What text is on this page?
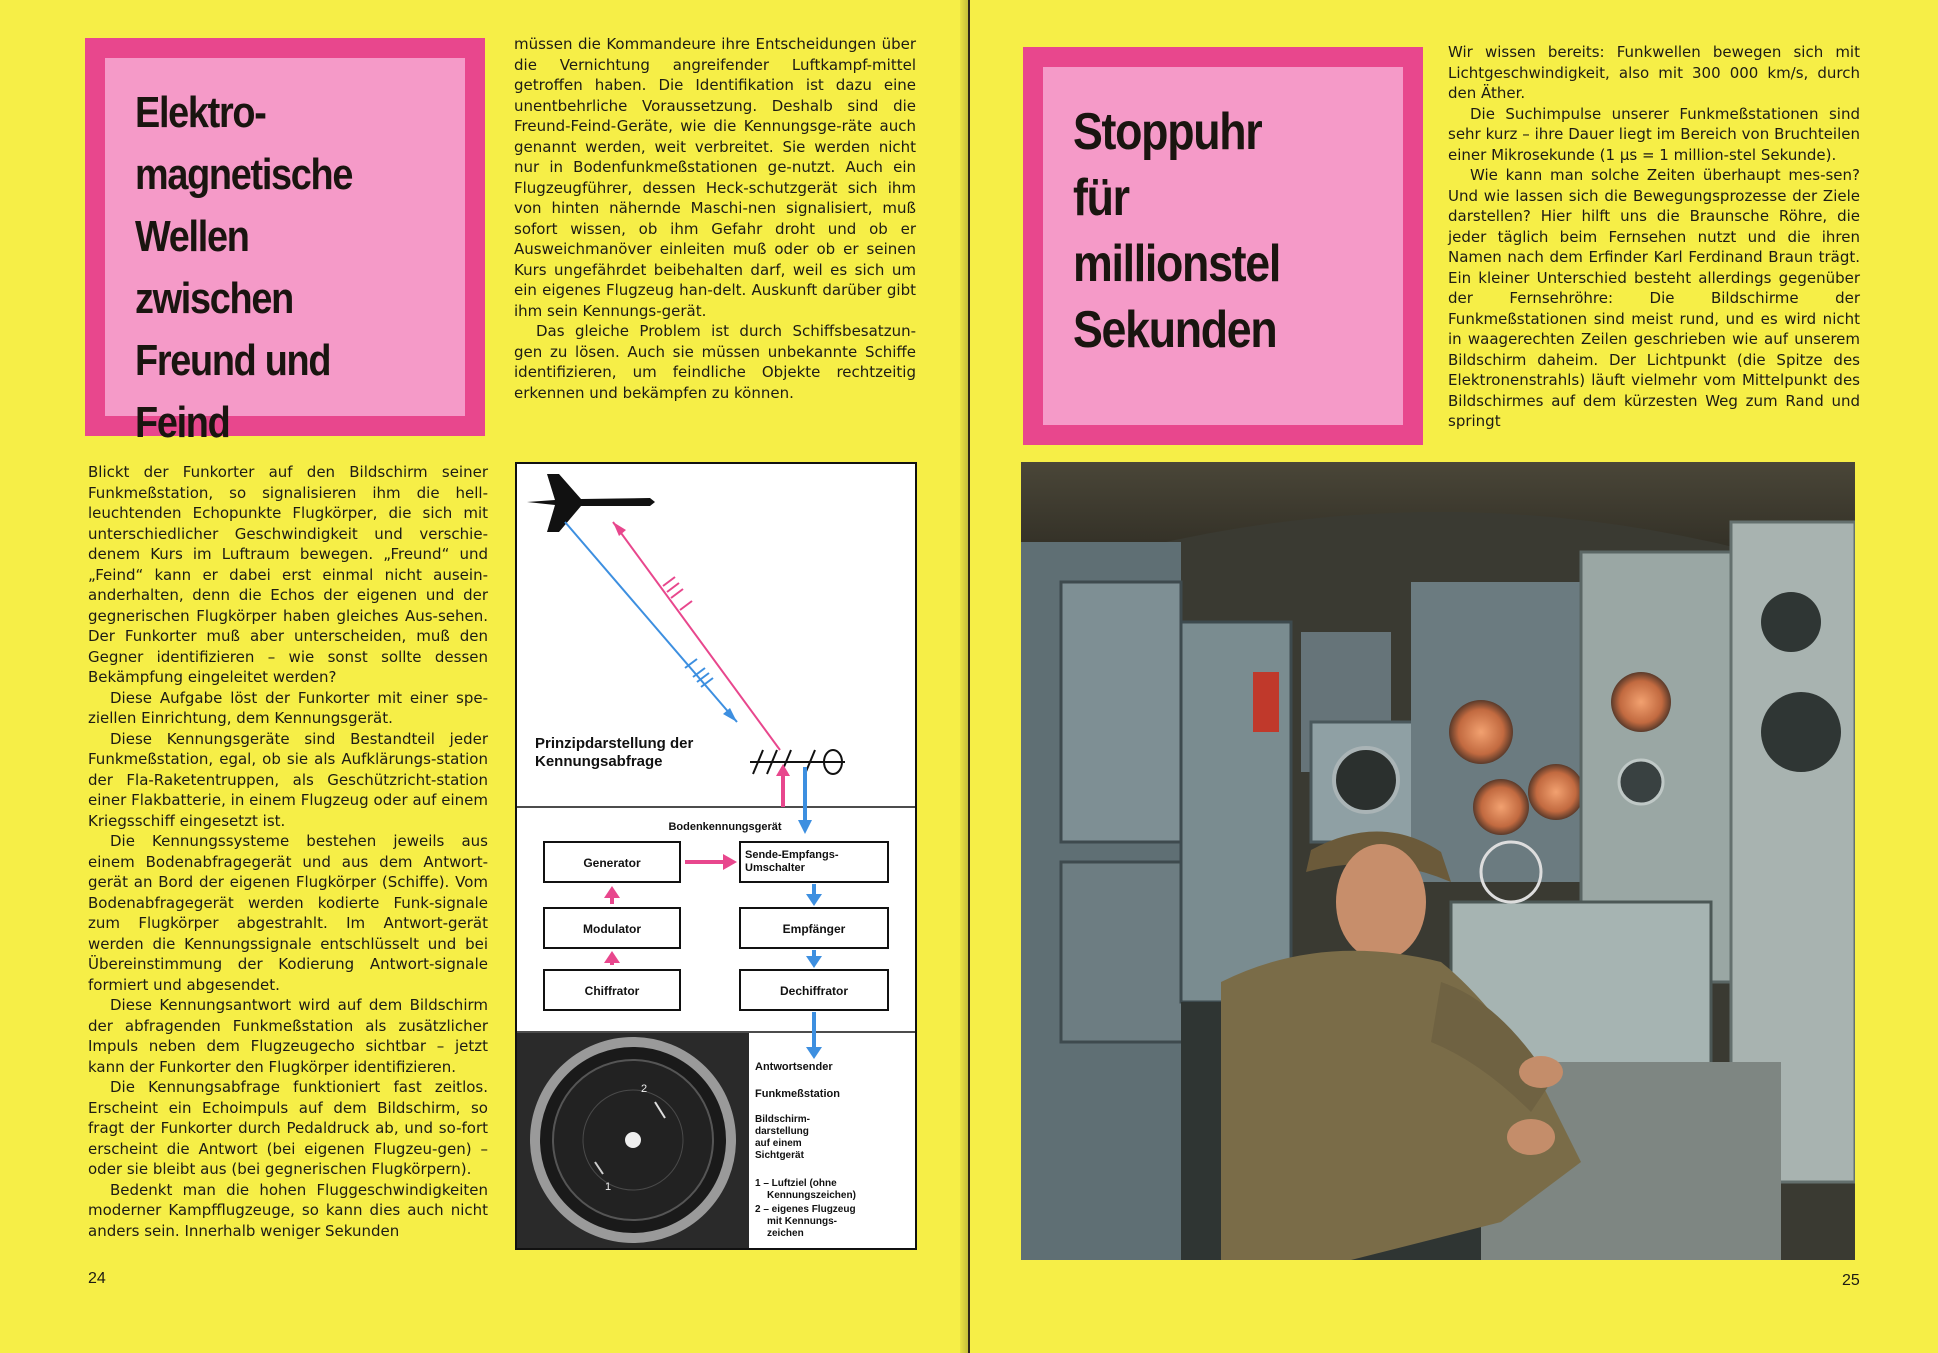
Elektro-
magnetische
Wellen zwischen
Freund und
Feind

Blickt der Funkorter auf den Bildschirm seiner Funkmeßstation, so signalisieren ihm die hell-leuchtenden Echopunkte Flugkörper, die sich mit unterschiedlicher Geschwindigkeit und verschie-denem Kurs im Luftraum bewegen. „Freund“ und „Feind“ kann er dabei erst einmal nicht ausein-anderhalten, denn die Echos der eigenen und der gegnerischen Flugkörper haben gleiches Aus-sehen. Der Funkorter muß aber unterscheiden, muß den Gegner identifizieren – wie sonst sollte dessen Bekämpfung eingeleitet werden?

Diese Aufgabe löst der Funkorter mit einer spe-ziellen Einrichtung, dem Kennungsgerät.

Diese Kennungsgeräte sind Bestandteil jeder Funkmeßstation, egal, ob sie als Aufklärungs-station der Fla-Raketentruppen, als Geschützricht-station einer Flakbatterie, in einem Flugzeug oder auf einem Kriegsschiff eingesetzt ist.

Die Kennungssysteme bestehen jeweils aus einem Bodenabfragegerät und aus dem Antwort-gerät an Bord der eigenen Flugkörper (Schiffe). Vom Bodenabfragegerät werden kodierte Funk-signale zum Flugkörper abgestrahlt. Im Antwort-gerät werden die Kennungssignale entschlüsselt und bei Übereinstimmung der Kodierung Antwort-signale formiert und abgesendet.

Diese Kennungsantwort wird auf dem Bildschirm der abfragenden Funkmeßstation als zusätzlicher Impuls neben dem Flugzeugecho sichtbar – jetzt kann der Funkorter den Flugkörper identifizieren.

Die Kennungsabfrage funktioniert fast zeitlos. Erscheint ein Echoimpuls auf dem Bildschirm, so fragt der Funkorter durch Pedaldruck ab, und so-fort erscheint die Antwort (bei eigenen Flugzeu-gen) – oder sie bleibt aus (bei gegnerischen Flugkörpern).

Bedenkt man die hohen Fluggeschwindigkeiten moderner Kampfflugzeuge, so kann dies auch nicht anders sein. Innerhalb weniger Sekunden

müssen die Kommandeure ihre Entscheidungen über die Vernichtung angreifender Luftkampf-mittel getroffen haben. Die Identifikation ist dazu eine unentbehrliche Voraussetzung. Deshalb sind die Freund-Feind-Geräte, wie die Kennungsge-räte auch genannt werden, weit verbreitet. Sie werden nicht nur in Bodenfunkmeßstationen ge-nutzt. Auch ein Flugzeugführer, dessen Heck-schutzgerät sich ihm von hinten nähernde Maschi-nen signalisiert, muß sofort wissen, ob ihm Gefahr droht und ob er Ausweichmanöver einleiten muß oder ob er seinen Kurs ungefährdet beibehalten darf, weil es sich um ein eigenes Flugzeug han-delt. Auskunft darüber gibt ihm sein Kennungs-gerät.

Das gleiche Problem ist durch Schiffsbesatzun-gen zu lösen. Auch sie müssen unbekannte Schiffe identifizieren, um feindliche Objekte rechtzeitig erkennen und bekämpfen zu können.

Prinzipdarstellung der Kennungsabfrage
Bodenkennungsgerät
Generator
Sende-Empfangs-
Umschalter
Modulator	Empfänger
Chiffrator	Dechiffrator
2
1
Antwortsender
Funkmeßstation
Bildschirm- darstellung auf einem Sichtgerät
1 – Luftziel (ohne Kennungszeichen)
2 – eigenes Flugzeug mit Kennungs- zeichen
24
Stoppuhr
für
millionstel
Sekunden

Wir wissen bereits: Funkwellen bewegen sich mit Lichtgeschwindigkeit, also mit 300 000 km/s, durch den Äther.

Die Suchimpulse unserer Funkmeßstationen sind sehr kurz – ihre Dauer liegt im Bereich von Bruchteilen einer Mikrosekunde (1 µs = 1 million-stel Sekunde).

Wie kann man solche Zeiten überhaupt mes-sen? Und wie lassen sich die Bewegungsprozesse der Ziele darstellen? Hier hilft uns die Braunsche Röhre, die jeder täglich beim Fernsehen nutzt und die ihren Namen nach dem Erfinder Karl Ferdinand Braun trägt. Ein kleiner Unterschied besteht allerdings gegenüber der Fernsehröhre: Die Bildschirme der Funkmeßstationen sind meist rund, und es wird nicht in waagerechten Zeilen geschrieben wie auf unserem Bildschirm daheim. Der Lichtpunkt (die Spitze des Elektronenstrahls) läuft vielmehr vom Mittelpunkt des Bildschirmes auf dem kürzesten Weg zum Rand und springt

25
